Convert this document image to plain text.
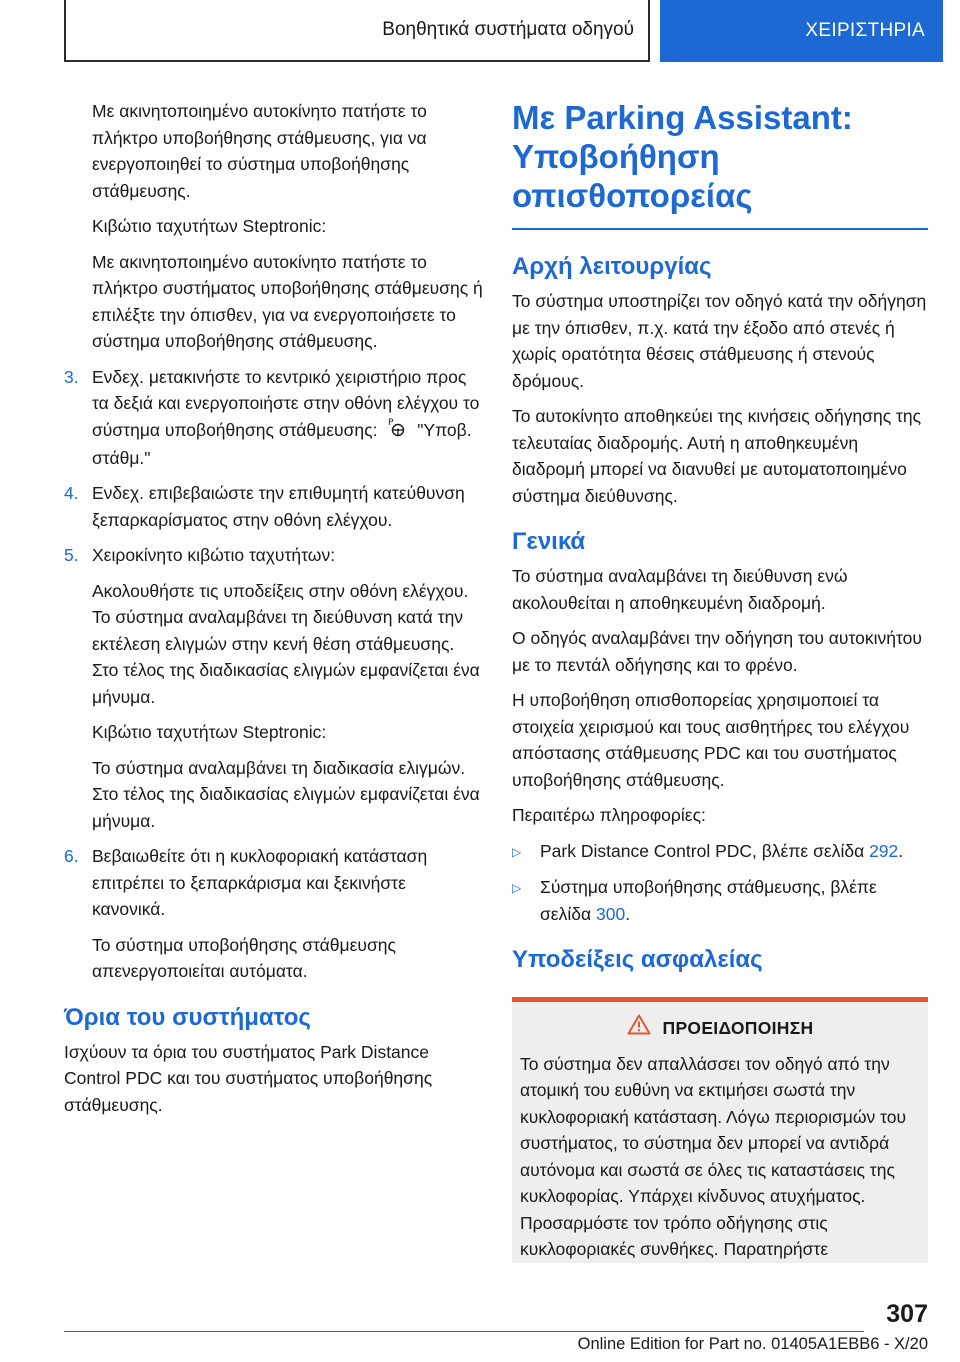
Βοηθητικά συστήματα οδηγού	ΧΕΙΡΙΣΤΗΡΙΑ

Με ακινητοποιημένο αυτοκίνητο πατήστε το πλήκτρο υποβοήθησης στάθμευσης, για να ενεργοποιηθεί το σύστημα υποβοήθησης στάθμευσης.

Κιβώτιο ταχυτήτων Steptronic:

Με ακινητοποιημένο αυτοκίνητο πατήστε το πλήκτρο συστήματος υποβοήθησης στάθμευσης ή επιλέξτε την όπισθεν, για να ενεργοποιήσετε το σύστημα υποβοήθησης στάθμευσης.

3. Ενδεχ. μετακινήστε το κεντρικό χειριστήριο προς τα δεξιά και ενεργοποιήστε στην οθόνη ελέγχου το σύστημα υποβοήθησης στάθμευσης: P "Υποβ. στάθμ."
4. Ενδεχ. επιβεβαιώστε την επιθυμητή κατεύθυνση ξεπαρκαρίσματος στην οθόνη ελέγχου.
5. Χειροκίνητο κιβώτιο ταχυτήτων:

Ακολουθήστε τις υποδείξεις στην οθόνη ελέγχου. Το σύστημα αναλαμβάνει τη διεύθυνση κατά την εκτέλεση ελιγμών στην κενή θέση στάθμευσης. Στο τέλος της διαδικασίας ελιγμών εμφανίζεται ένα μήνυμα.

Κιβώτιο ταχυτήτων Steptronic:

Το σύστημα αναλαμβάνει τη διαδικασία ελιγμών. Στο τέλος της διαδικασίας ελιγμών εμφανίζεται ένα μήνυμα.

6. Βεβαιωθείτε ότι η κυκλοφοριακή κατάσταση επιτρέπει το ξεπαρκάρισμα και ξεκινήστε κανονικά.

Το σύστημα υποβοήθησης στάθμευσης απενεργοποιείται αυτόματα.

Όρια του συστήματος

Ισχύουν τα όρια του συστήματος Park Distance Control PDC και του συστήματος υποβοήθησης στάθμευσης.

Με Parking Assistant: Υποβοήθηση οπισθοπορείας
Αρχή λειτουργίας

Το σύστημα υποστηρίζει τον οδηγό κατά την οδήγηση με την όπισθεν, π.χ. κατά την έξοδο από στενές ή χωρίς ορατότητα θέσεις στάθμευσης ή στενούς δρόμους.

Το αυτοκίνητο αποθηκεύει της κινήσεις οδήγησης της τελευταίας διαδρομής. Αυτή η αποθηκευμένη διαδρομή μπορεί να διανυθεί με αυτοματοποιημένο σύστημα διεύθυνσης.

Γενικά

Το σύστημα αναλαμβάνει τη διεύθυνση ενώ ακολουθείται η αποθηκευμένη διαδρομή.

Ο οδηγός αναλαμβάνει την οδήγηση του αυτοκινήτου με το πεντάλ οδήγησης και το φρένο.

Η υποβοήθηση οπισθοπορείας χρησιμοποιεί τα στοιχεία χειρισμού και τους αισθητήρες του ελέγχου απόστασης στάθμευσης PDC και του συστήματος υποβοήθησης στάθμευσης.

Περαιτέρω πληροφορίες:

▷	Park Distance Control PDC, βλέπε σελίδα 292.
▷	Σύστημα υποβοήθησης στάθμευσης, βλέπε σελίδα 300.
Υποδείξεις ασφαλείας
ΠΡΟΕΙΔΟΠΟΙΗΣΗ

Το σύστημα δεν απαλλάσσει τον οδηγό από την ατομική του ευθύνη να εκτιμήσει σωστά την κυκλοφοριακή κατάσταση. Λόγω περιορισμών του συστήματος, το σύστημα δεν μπορεί να αντιδρά αυτόνομα και σωστά σε όλες τις καταστάσεις της κυκλοφορίας. Υπάρχει κίνδυνος ατυχήματος. Προσαρμόστε τον τρόπο οδήγησης στις κυκλοφοριακές συνθήκες. Παρατηρήστε

307
Online Edition for Part no. 01405A1EBB6 - X/20
